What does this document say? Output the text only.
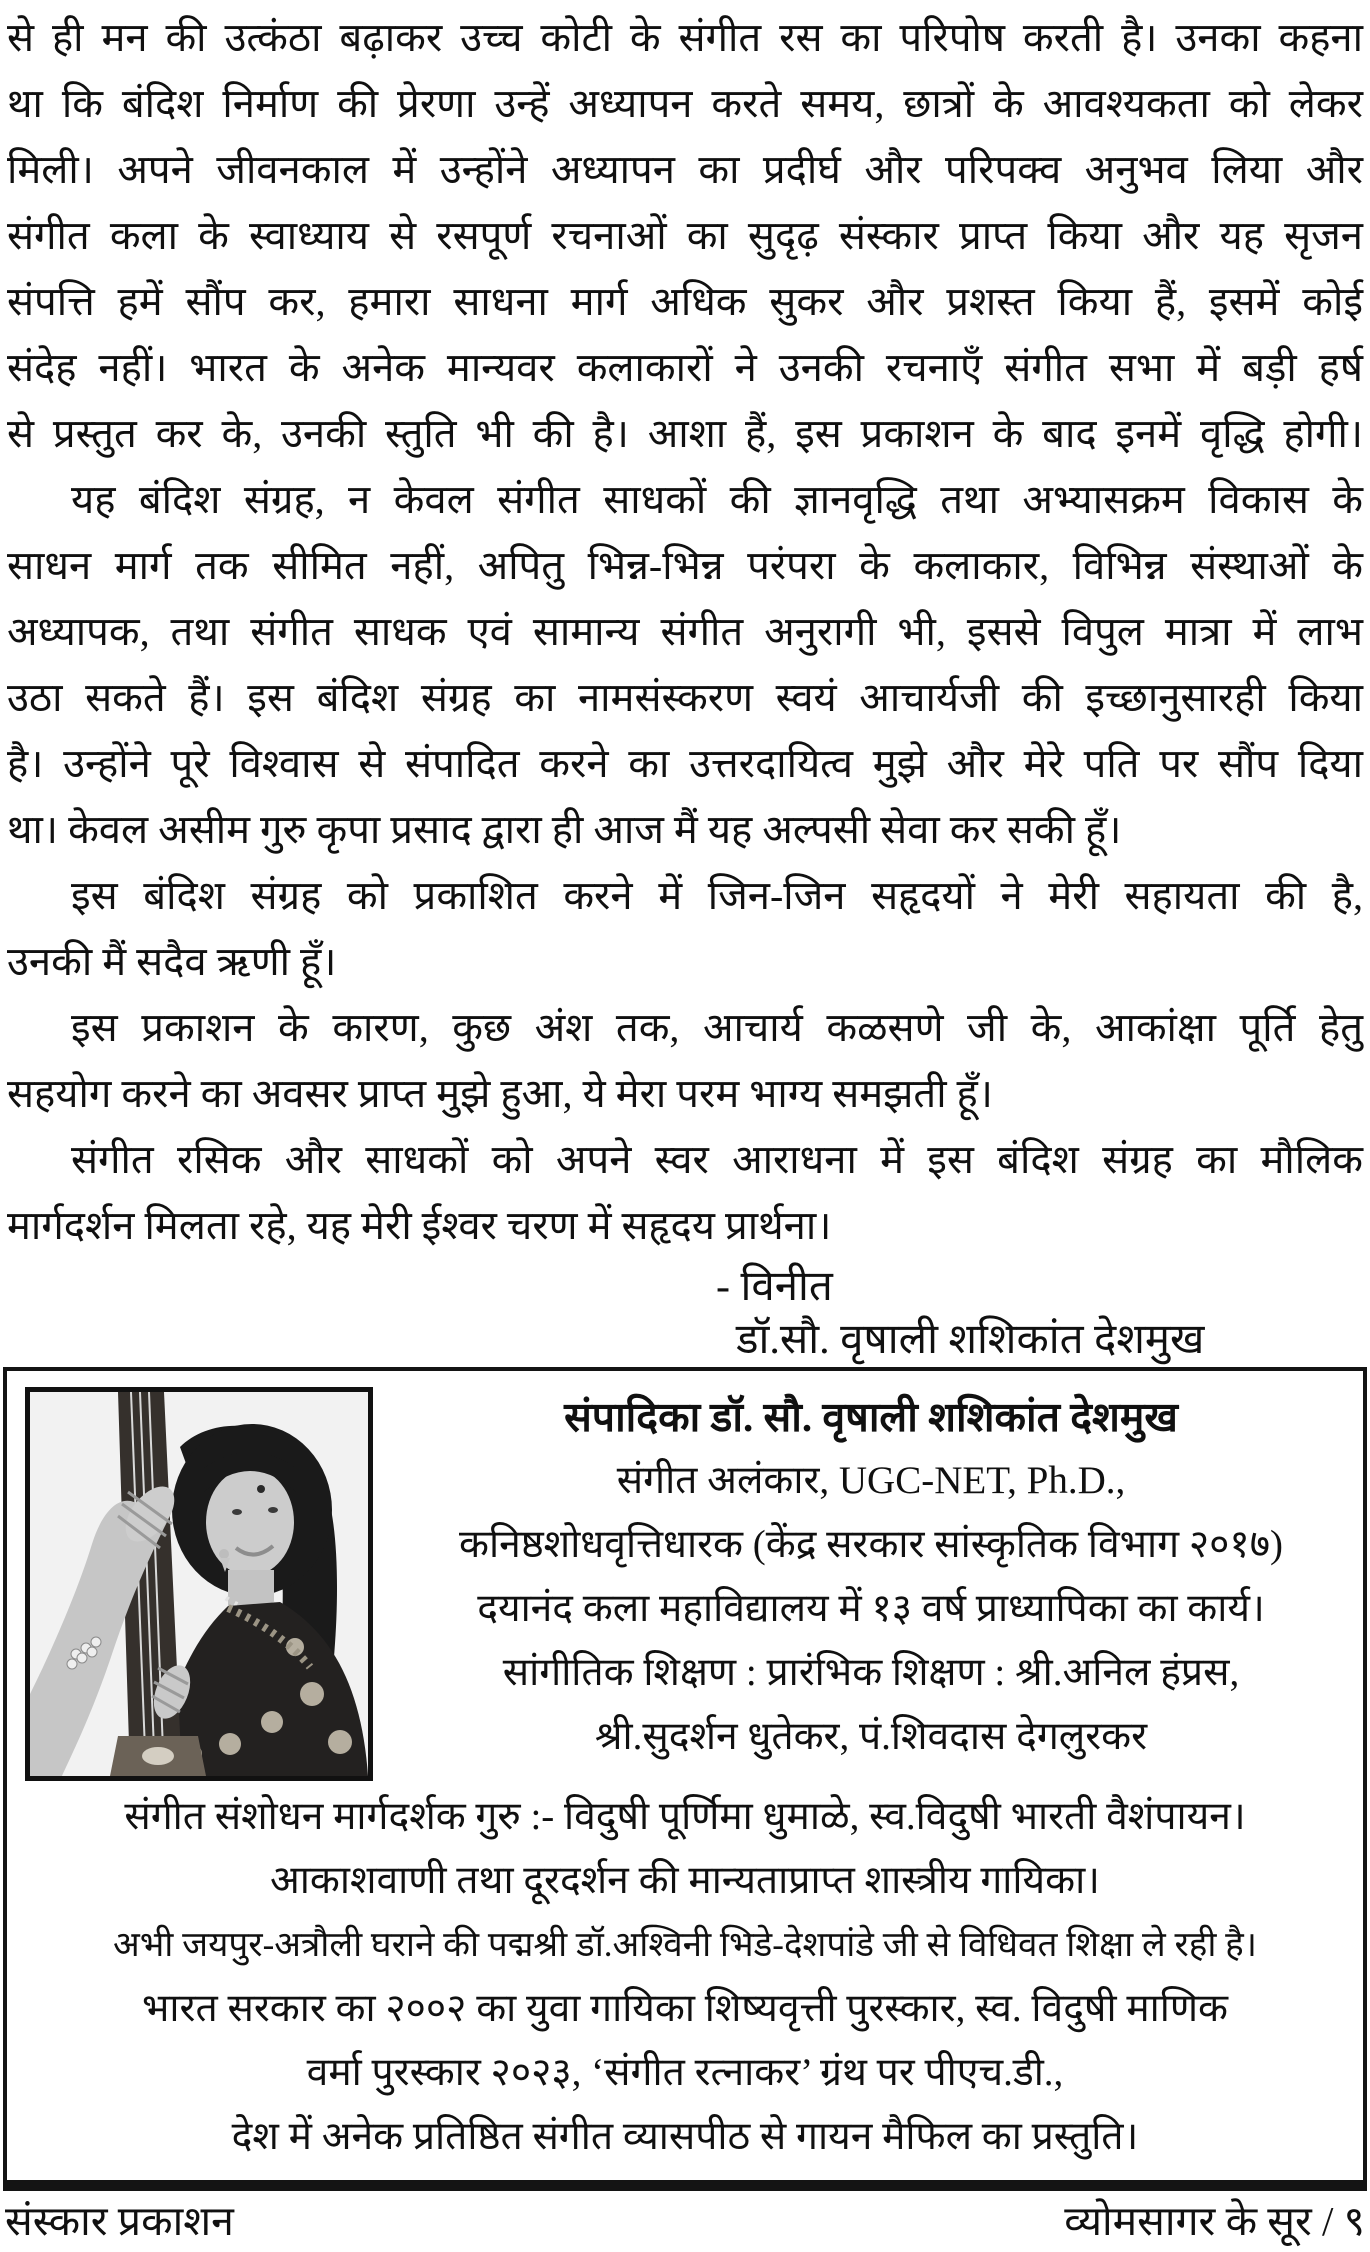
से ही मन की उत्कंठा बढ़ाकर उच्च कोटी के संगीत रस का परिपोष करती है। उनका कहना
था कि बंदिश निर्माण की प्रेरणा उन्हें अध्यापन करते समय, छात्रों के आवश्यकता को लेकर
मिली। अपने जीवनकाल में उन्होंने अध्यापन का प्रदीर्घ और परिपक्व अनुभव लिया और
संगीत कला के स्वाध्याय से रसपूर्ण रचनाओं का सुदृढ़ संस्कार प्राप्त किया और यह सृजन
संपत्ति हमें सौंप कर, हमारा साधना मार्ग अधिक सुकर और प्रशस्त किया हैं, इसमें कोई
संदेह नहीं। भारत के अनेक मान्यवर कलाकारों ने उनकी रचनाएँ संगीत सभा में बड़ी हर्ष
से प्रस्तुत कर के, उनकी स्तुति भी की है। आशा हैं, इस प्रकाशन के बाद इनमें वृद्धि होगी।
यह बंदिश संग्रह, न केवल संगीत साधकों की ज्ञानवृद्धि तथा अभ्यासक्रम विकास के
साधन मार्ग तक सीमित नहीं, अपितु भिन्न-भिन्न परंपरा के कलाकार, विभिन्न संस्थाओं के
अध्यापक, तथा संगीत साधक एवं सामान्य संगीत अनुरागी भी, इससे विपुल मात्रा में लाभ
उठा सकते हैं। इस बंदिश संग्रह का नामसंस्करण स्वयं आचार्यजी की इच्छानुसारही किया
है। उन्होंने पूरे विश्वास से संपादित करने का उत्तरदायित्व मुझे और मेरे पति पर सौंप दिया
था। केवल असीम गुरु कृपा प्रसाद द्वारा ही आज मैं यह अल्पसी सेवा कर सकी हूँ।
इस बंदिश संग्रह को प्रकाशित करने में जिन-जिन सहृदयों ने मेरी सहायता की है,
उनकी मैं सदैव ऋणी हूँ।
इस प्रकाशन के कारण, कुछ अंश तक, आचार्य कळसणे जी के, आकांक्षा पूर्ति हेतु
सहयोग करने का अवसर प्राप्त मुझे हुआ, ये मेरा परम भाग्य समझती हूँ।
संगीत रसिक और साधकों को अपने स्वर आराधना में इस बंदिश संग्रह का मौलिक
मार्गदर्शन मिलता रहे, यह मेरी ईश्वर चरण में सहृदय प्रार्थना।
- विनीत
डॉ.सौ. वृषाली शशिकांत देशमुख
संपादिका डॉ. सौ. वृषाली शशिकांत देशमुख
संगीत अलंकार, UGC-NET, Ph.D.,
कनिष्ठशोधवृत्तिधारक (केंद्र सरकार सांस्कृतिक विभाग २०१७)
दयानंद कला महाविद्यालय में १३ वर्ष प्राध्यापिका का कार्य।
सांगीतिक शिक्षण : प्रारंभिक शिक्षण : श्री.अनिल हंप्रस,
श्री.सुदर्शन धुतेकर, पं.शिवदास देगलुरकर
संगीत संशोधन मार्गदर्शक गुरु :- विदुषी पूर्णिमा धुमाळे, स्व.विदुषी भारती वैशंपायन।
आकाशवाणी तथा दूरदर्शन की मान्यताप्राप्त शास्त्रीय गायिका।
अभी जयपुर-अत्रौली घराने की पद्मश्री डॉ.अश्विनी भिडे-देशपांडे जी से विधिवत शिक्षा ले रही है।
भारत सरकार का २००२ का युवा गायिका शिष्यवृत्ती पुरस्कार, स्व. विदुषी माणिक
वर्मा पुरस्कार २०२३, ‘संगीत रत्नाकर’ ग्रंथ पर पीएच.डी.,
देश में अनेक प्रतिष्ठित संगीत व्यासपीठ से गायन मैफिल का प्रस्तुति।
संस्कार प्रकाशन	व्योमसागर के सूर / ९
